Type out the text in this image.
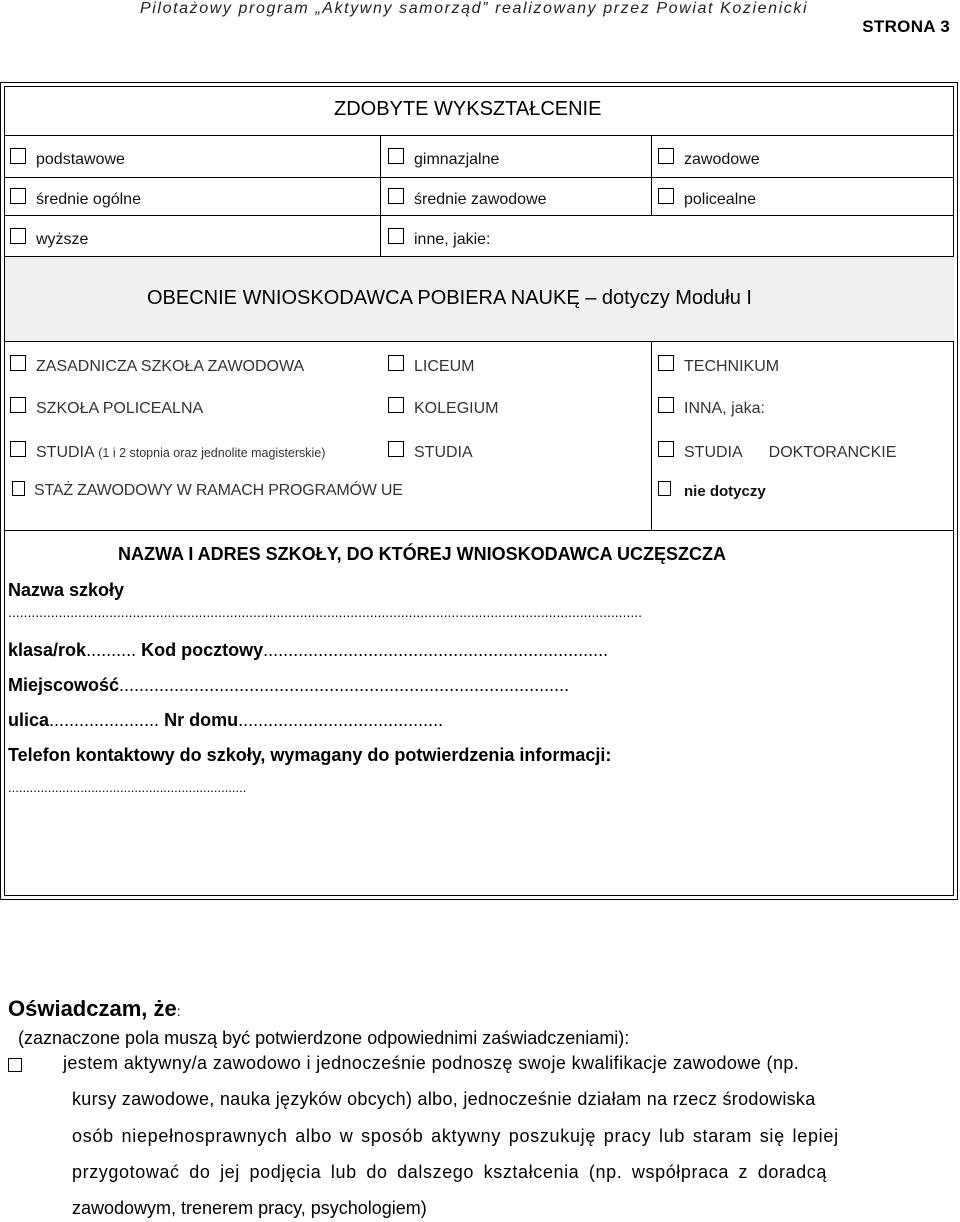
Pilotażowy program „Aktywny samorząd” realizowany przez Powiat Kozienicki
STRONA 3
ZDOBYTE WYKSZTAŁCENIE
podstawowe	gimnazjalne	zawodowe
średnie ogólne	średnie zawodowe	policealne
wyższe	inne, jakie:
OBECNIE WNIOSKODAWCA POBIERA NAUKĘ – dotyczy Modułu I
ZASADNICZA SZKOŁA ZAWODOWA	LICEUM	TECHNIKUM
SZKOŁA POLICEALNA	KOLEGIUM	INNA, jaka:
STUDIA (1 i 2 stopnia oraz jednolite magisterskie)	STUDIA	STUDIA DOKTORANCKIE
STAŻ ZAWODOWY W RAMACH PROGRAMÓW UE	nie dotyczy
NAZWA I ADRES SZKOŁY, DO KTÓREJ WNIOSKODAWCA UCZĘSZCZA
Nazwa szkoły
...................................................................................................................................................................
klasa/rok.......... Kod pocztowy.....................................................................
Miejscowość..........................................................................................
ulica...................... Nr domu.........................................
Telefon kontaktowy do szkoły, wymagany do potwierdzenia informacji:
..................................................................
Oświadczam, że:
(zaznaczone pola muszą być potwierdzone odpowiednimi zaświadczeniami):
jestem aktywny/a zawodowo i jednocześnie podnoszę swoje kwalifikacje zawodowe (np.
kursy zawodowe, nauka języków obcych) albo, jednocześnie działam na rzecz środowiska
osób niepełnosprawnych albo w sposób aktywny poszukuję pracy lub staram się lepiej
przygotować do jej podjęcia lub do dalszego kształcenia (np. współpraca z doradcą
zawodowym, trenerem pracy, psychologiem)
